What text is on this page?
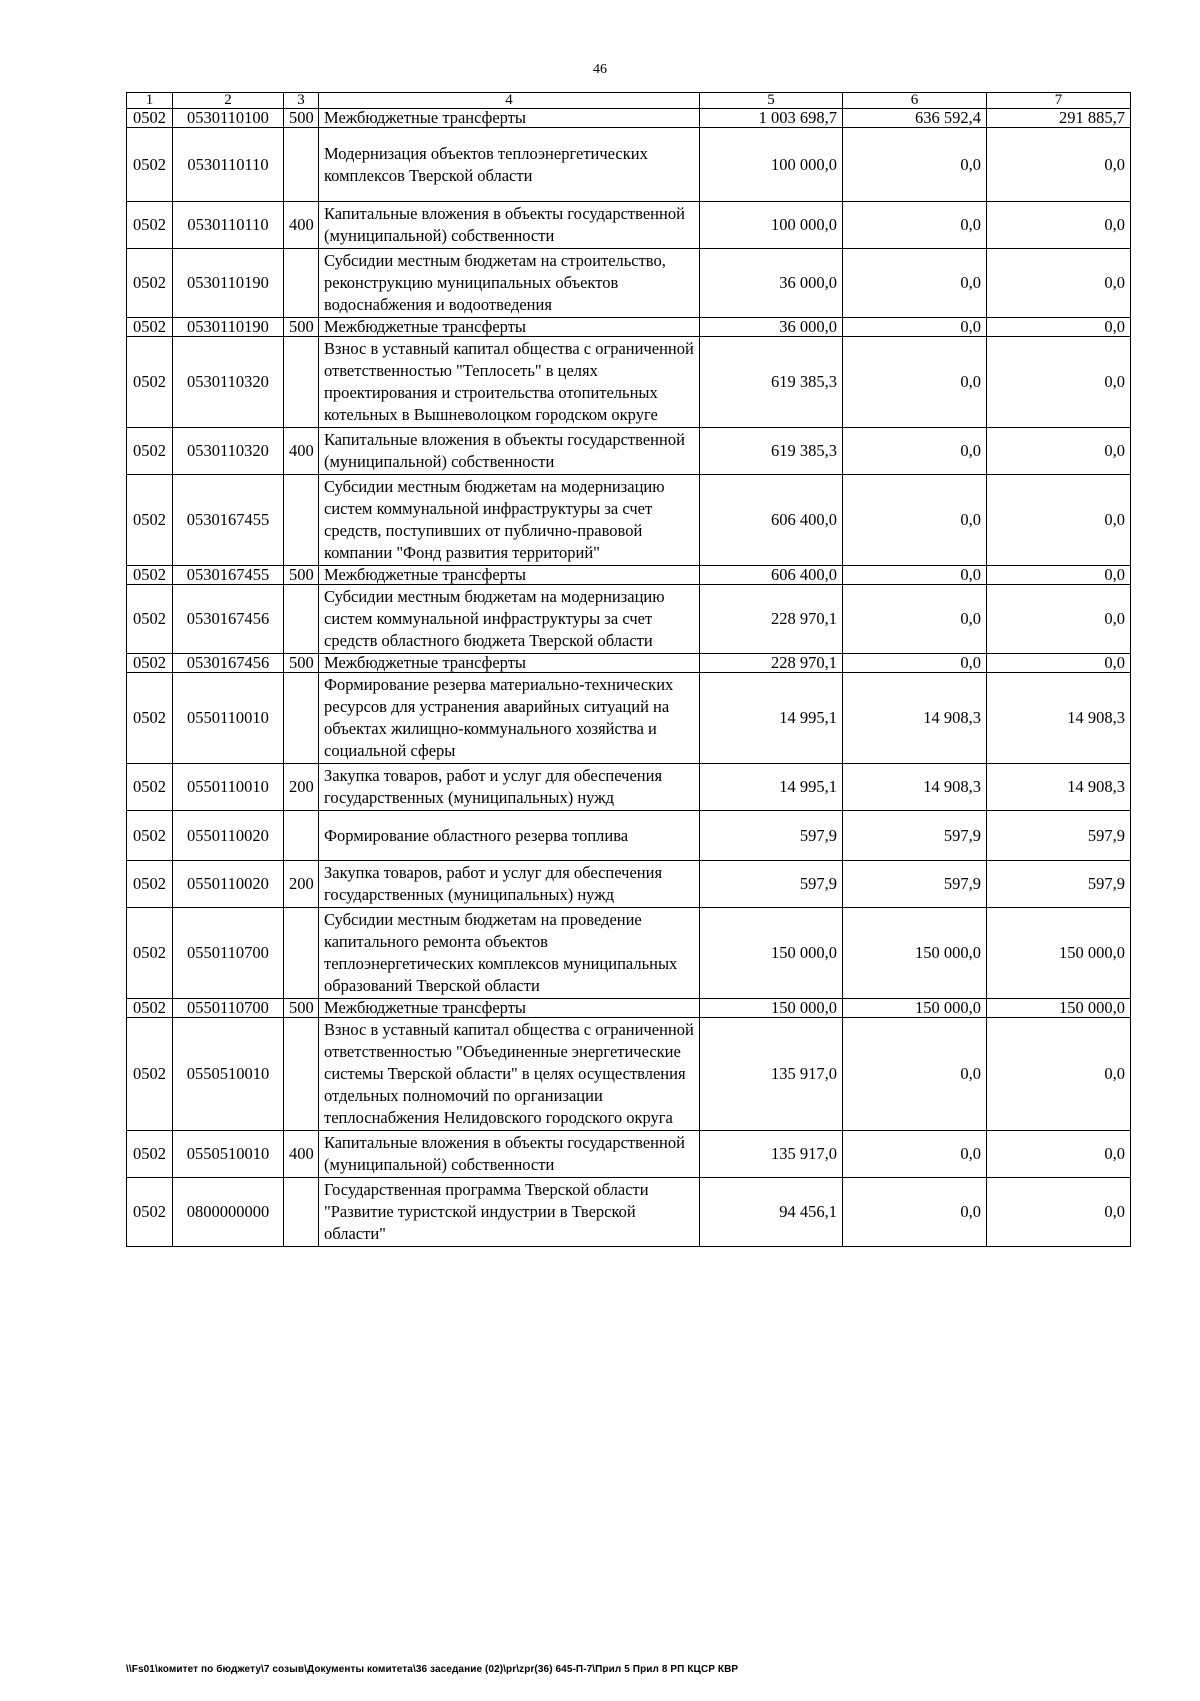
46
1	2	3	4	5	6	7
0502	0530110100	500	Межбюджетные трансферты	1 003 698,7	636 592,4	291 885,7
0502	0530110110		Модернизация объектов теплоэнергетических комплексов Тверской области	100 000,0	0,0	0,0
0502	0530110110	400	Капитальные вложения в объекты государственной (муниципальной) собственности	100 000,0	0,0	0,0
0502	0530110190		Субсидии местным бюджетам на строительство, реконструкцию муниципальных объектов водоснабжения и водоотведения	36 000,0	0,0	0,0
0502	0530110190	500	Межбюджетные трансферты	36 000,0	0,0	0,0
0502	0530110320		Взнос в уставный капитал общества с ограниченной ответственностью "Теплосеть" в целях проектирования и строительства отопительных котельных в Вышневолоцком городском округе	619 385,3	0,0	0,0
0502	0530110320	400	Капитальные вложения в объекты государственной (муниципальной) собственности	619 385,3	0,0	0,0
0502	0530167455		Субсидии местным бюджетам на модернизацию систем коммунальной инфраструктуры за счет средств, поступивших от публично-правовой компании "Фонд развития территорий"	606 400,0	0,0	0,0
0502	0530167455	500	Межбюджетные трансферты	606 400,0	0,0	0,0
0502	0530167456		Субсидии местным бюджетам на модернизацию систем коммунальной инфраструктуры за счет средств областного бюджета Тверской области	228 970,1	0,0	0,0
0502	0530167456	500	Межбюджетные трансферты	228 970,1	0,0	0,0
0502	0550110010		Формирование резерва материально-технических ресурсов для устранения аварийных ситуаций на объектах жилищно-коммунального хозяйства и социальной сферы	14 995,1	14 908,3	14 908,3
0502	0550110010	200	Закупка товаров, работ и услуг для обеспечения государственных (муниципальных) нужд	14 995,1	14 908,3	14 908,3
0502	0550110020		Формирование областного резерва топлива	597,9	597,9	597,9
0502	0550110020	200	Закупка товаров, работ и услуг для обеспечения государственных (муниципальных) нужд	597,9	597,9	597,9
0502	0550110700		Субсидии местным бюджетам на проведение капитального ремонта объектов теплоэнергетических комплексов муниципальных образований Тверской области	150 000,0	150 000,0	150 000,0
0502	0550110700	500	Межбюджетные трансферты	150 000,0	150 000,0	150 000,0
0502	0550510010		Взнос в уставный капитал общества с ограниченной ответственностью "Объединенные энергетические системы Тверской области" в целях осуществления отдельных полномочий по организации теплоснабжения Нелидовского городского округа	135 917,0	0,0	0,0
0502	0550510010	400	Капитальные вложения в объекты государственной (муниципальной) собственности	135 917,0	0,0	0,0
0502	0800000000		Государственная программа Тверской области "Развитие туристской индустрии в Тверской области"	94 456,1	0,0	0,0
\\Fs01\комитет по бюджету\7 созыв\Документы комитета\36 заседание (02)\pr\zpr(36) 645-П-7\Прил 5 Прил 8 РП КЦСР КВР
